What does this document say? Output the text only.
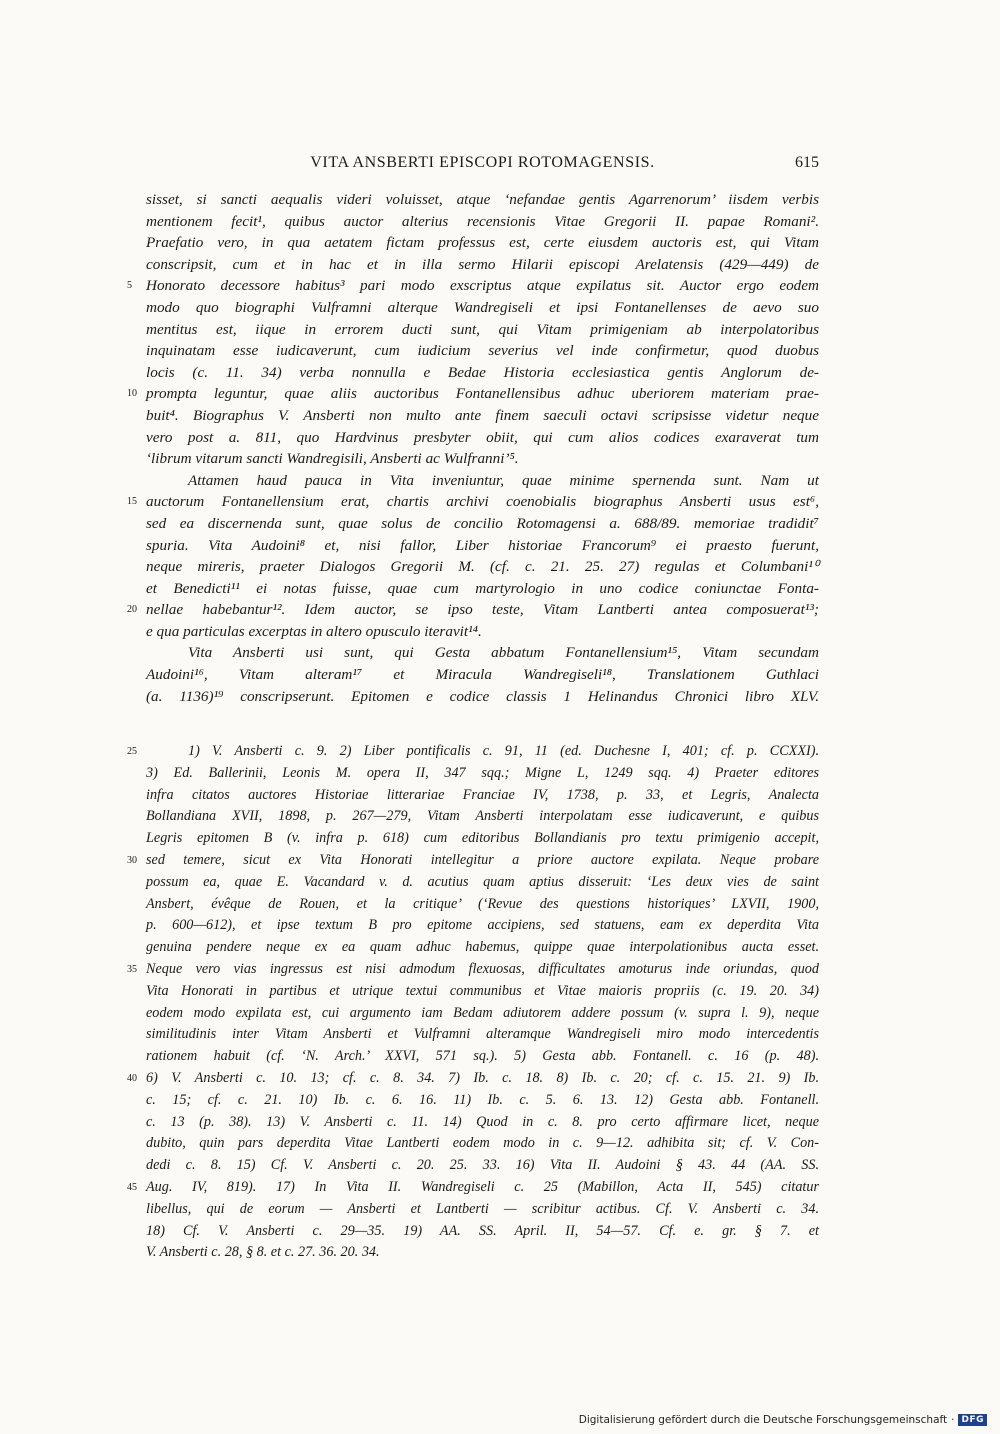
VITA ANSBERTI EPISCOPI ROTOMAGENSIS.	615
sisset, si sancti aequalis videri voluisset, atque ‘nefandae gentis Agarrenorum’ iisdem verbis
mentionem fecit¹, quibus auctor alterius recensionis Vitae Gregorii II. papae Romani².
Praefatio vero, in qua aetatem fictam professus est, certe eiusdem auctoris est, qui Vitam
conscripsit, cum et in hac et in illa sermo Hilarii episcopi Arelatensis (429—449) de
5 Honorato decessore habitus³ pari modo exscriptus atque expilatus sit. Auctor ergo eodem
modo quo biographi Vulframni alterque Wandregiseli et ipsi Fontanellenses de aevo suo
mentitus est, iique in errorem ducti sunt, qui Vitam primigeniam ab interpolatoribus
inquinatam esse iudicaverunt, cum iudicium severius vel inde confirmetur, quod duobus
locis (c. 11. 34) verba nonnulla e Bedae Historia ecclesiastica gentis Anglorum de-
10 prompta leguntur, quae aliis auctoribus Fontanellensibus adhuc uberiorem materiam prae-
buit⁴. Biographus V. Ansberti non multo ante finem saeculi octavi scripsisse videtur neque
vero post a. 811, quo Hardvinus presbyter obiit, qui cum alios codices exaraverat tum
‘librum vitarum sancti Wandregisili, Ansberti ac Wulfranni’⁵.
Attamen haud pauca in Vita inveniuntur, quae minime spernenda sunt. Nam ut
15 auctorum Fontanellensium erat, chartis archivi coenobialis biographus Ansberti usus est⁶,
sed ea discernenda sunt, quae solus de concilio Rotomagensi a. 688/89. memoriae tradidit⁷
spuria. Vita Audoini⁸ et, nisi fallor, Liber historiae Francorum⁹ ei praesto fuerunt,
neque mireris, praeter Dialogos Gregorii M. (cf. c. 21. 25. 27) regulas et Columbani¹⁰
et Benedicti¹¹ ei notas fuisse, quae cum martyrologio in uno codice coniunctae Fonta-
20 nellae habebantur¹². Idem auctor, se ipso teste, Vitam Lantberti antea composuerat¹³;
e qua particulas excerptas in altero opusculo iteravit¹⁴.
Vita Ansberti usi sunt, qui Gesta abbatum Fontanellensium¹⁵, Vitam secundam
Audoini¹⁶, Vitam alteram¹⁷ et Miracula Wandregiseli¹⁸, Translationem Guthlaci
(a. 1136)¹⁹ conscripserunt. Epitomen e codice classis 1 Helinandus Chronici libro XLV.
25	1) V. Ansberti c. 9. 2) Liber pontificalis c. 91, 11 (ed. Duchesne I, 401; cf. p. CCXXI).
3) Ed. Ballerinii, Leonis M. opera II, 347 sqq.; Migne L, 1249 sqq. 4) Praeter editores
infra citatos auctores Historiae litterariae Franciae IV, 1738, p. 33, et Legris, Analecta
Bollandiana XVII, 1898, p. 267—279, Vitam Ansberti interpolatam esse iudicaverunt, e quibus
Legris epitomen B (v. infra p. 618) cum editoribus Bollandianis pro textu primigenio accepit,
30 sed temere, sicut ex Vita Honorati intellegitur a priore auctore expilata. Neque probare
possum ea, quae E. Vacandard v. d. acutius quam aptius disseruit: ‘Les deux vies de saint
Ansbert, évêque de Rouen, et la critique’ (‘Revue des questions historiques’ LXVII, 1900,
p. 600—612), et ipse textum B pro epitome accipiens, sed statuens, eam ex deperdita Vita
genuina pendere neque ex ea quam adhuc habemus, quippe quae interpolationibus aucta esset.
35 Neque vero vias ingressus est nisi admodum flexuosas, difficultates amoturus inde oriundas, quod
Vita Honorati in partibus et utrique textui communibus et Vitae maioris propriis (c. 19. 20. 34)
eodem modo expilata est, cui argumento iam Bedam adiutorem addere possum (v. supra l. 9), neque
similitudinis inter Vitam Ansberti et Vulframni alteramque Wandregiseli miro modo intercedentis
rationem habuit (cf. ‘N. Arch.’ XXVI, 571 sq.). 5) Gesta abb. Fontanell. c. 16 (p. 48).
40 6) V. Ansberti c. 10. 13; cf. c. 8. 34. 7) Ib. c. 18. 8) Ib. c. 20; cf. c. 15. 21. 9) Ib.
c. 15; cf. c. 21. 10) Ib. c. 6. 16. 11) Ib. c. 5. 6. 13. 12) Gesta abb. Fontanell.
c. 13 (p. 38). 13) V. Ansberti c. 11. 14) Quod in c. 8. pro certo affirmare licet, neque
dubito, quin pars deperdita Vitae Lantberti eodem modo in c. 9—12. adhibita sit; cf. V. Con-
dedi c. 8. 15) Cf. V. Ansberti c. 20. 25. 33. 16) Vita II. Audoini § 43. 44 (AA. SS.
45 Aug. IV, 819). 17) In Vita II. Wandregiseli c. 25 (Mabillon, Acta II, 545) citatur
libellus, qui de eorum — Ansberti et Lantberti — scribitur actibus. Cf. V. Ansberti c. 34.
18) Cf. V. Ansberti c. 29—35. 19) AA. SS. April. II, 54—57. Cf. e. gr. § 7. et
V. Ansberti c. 28, § 8. et c. 27. 36. 20. 34.
Digitalisierung gefördert durch die Deutsche Forschungsgemeinschaft · DFG
